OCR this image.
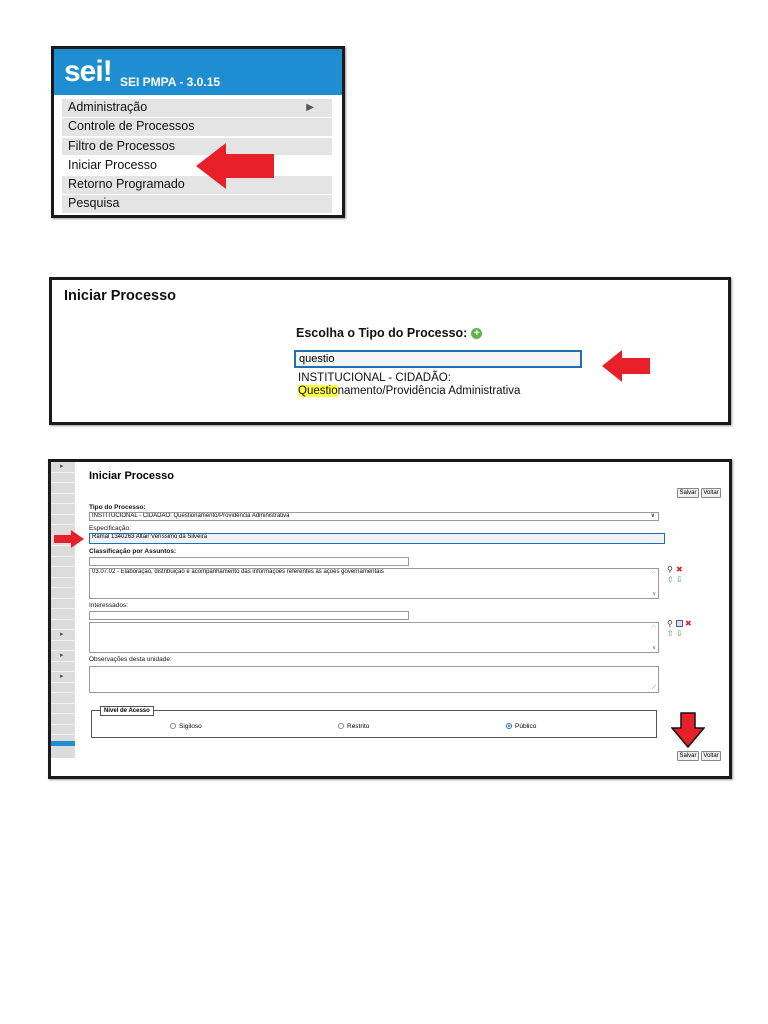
sei! SEI PMPA - 3.0.15
Administração	▶
Controle de Processos
Filtro de Processos
Iniciar Processo
Retorno Programado
Pesquisa
Iniciar Processo
Escolha o Tipo do Processo: +
questio
INSTITUCIONAL - CIDADÃO: Questionamento/Providência Administrativa
▸
▸
▸
▸
Iniciar Processo
Salvar	Voltar
Tipo do Processo:
INSTITUCIONAL - CIDADÃO: Questionamento/Providência Administrativa	∨
Especificação:
Ramal 1340263 Altair Veríssimo da Silveira
Classificação por Assuntos:
03.07.02 - Elaboração, distribuição e acompanhamento das informações referentes às ações governamentais	︿
∨
⚲ ✖
⇧ ⇩
Interessados:
︿
∨
⚲ ✖
⇧ ⇩
Observações desta unidade:
⟋
Nível de Acesso
Sigiloso	Restrito	Público
Salvar	Voltar
